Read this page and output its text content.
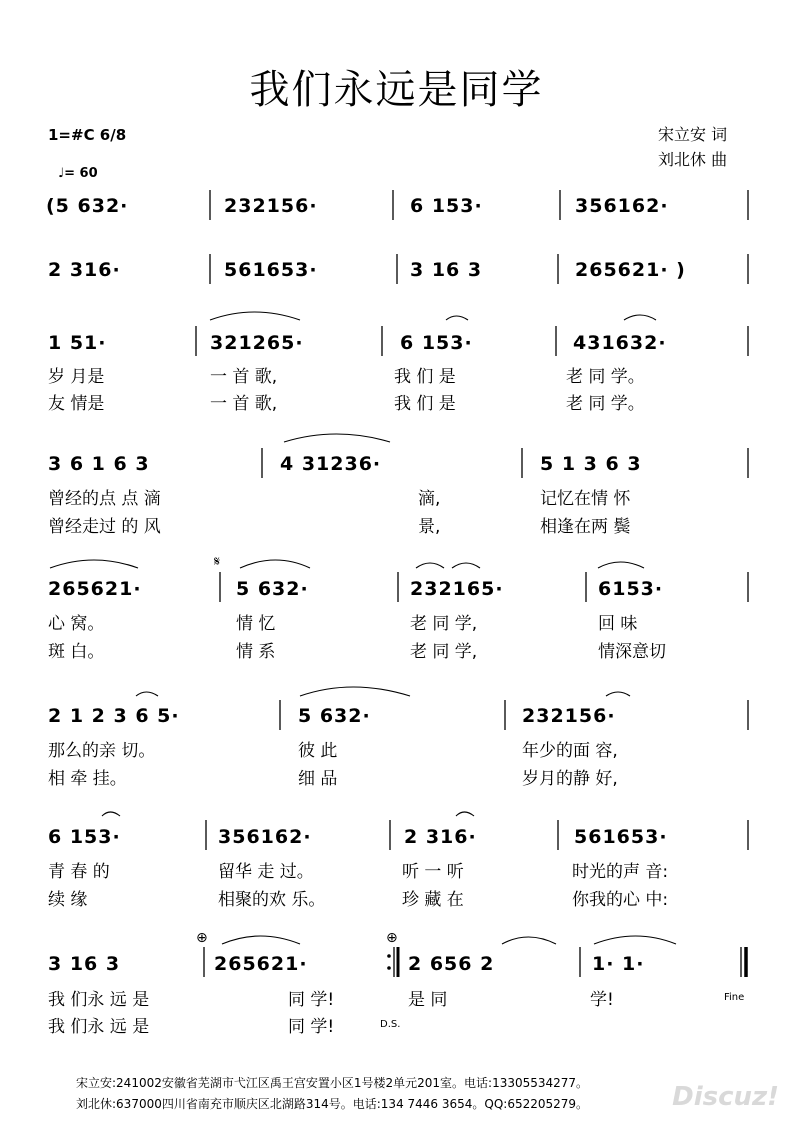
我们永远是同学
1=#C 6/8
♩= 60
宋立安 词
刘北休 曲
(5 632·	232156·	6 153·	356162·
2 316·	561653·	3 16 3	265621· )
1 51·	321265·	6 153·	431632·
岁 月是	一 首 歌,	我 们 是	老 同 学。
友 情是	一 首 歌,	我 们 是	老 同 学。
3 6 1 6 3	4 31236·	5 1 3 6 3
曾经的点 点 滴	滴,	记忆在情 怀
曾经走过 的 风	景,	相逢在两 鬓
𝄋
265621·	5 632·	232165·	6153·
心 窝。	情 忆	老 同 学,	回 味
斑 白。	情 系	老 同 学,	情深意切
2 1 2 3 6 5·	5 632·	232156·
那么的亲 切。	彼 此	年少的面 容,
相 牵 挂。	细 品	岁月的静 好,
6 153·	356162·	2 316·	561653·
青 春 的	留华 走 过。	听 一 听	时光的声 音:
续 缘	相聚的欢 乐。	珍 藏 在	你我的心 中:
⊕	⊕
3 16 3	265621·	2 656 2	1· 1·
我 们永 远 是	同 学!	是 同	学!
我 们永 远 是	同 学!
Fine
D.S.
宋立安:241002安徽省芜湖市弋江区禹王宫安置小区1号楼2单元201室。电话:13305534277。
刘北休:637000四川省南充市顺庆区北湖路314号。电话:134 7446 3654。QQ:652205279。	Discuz!
